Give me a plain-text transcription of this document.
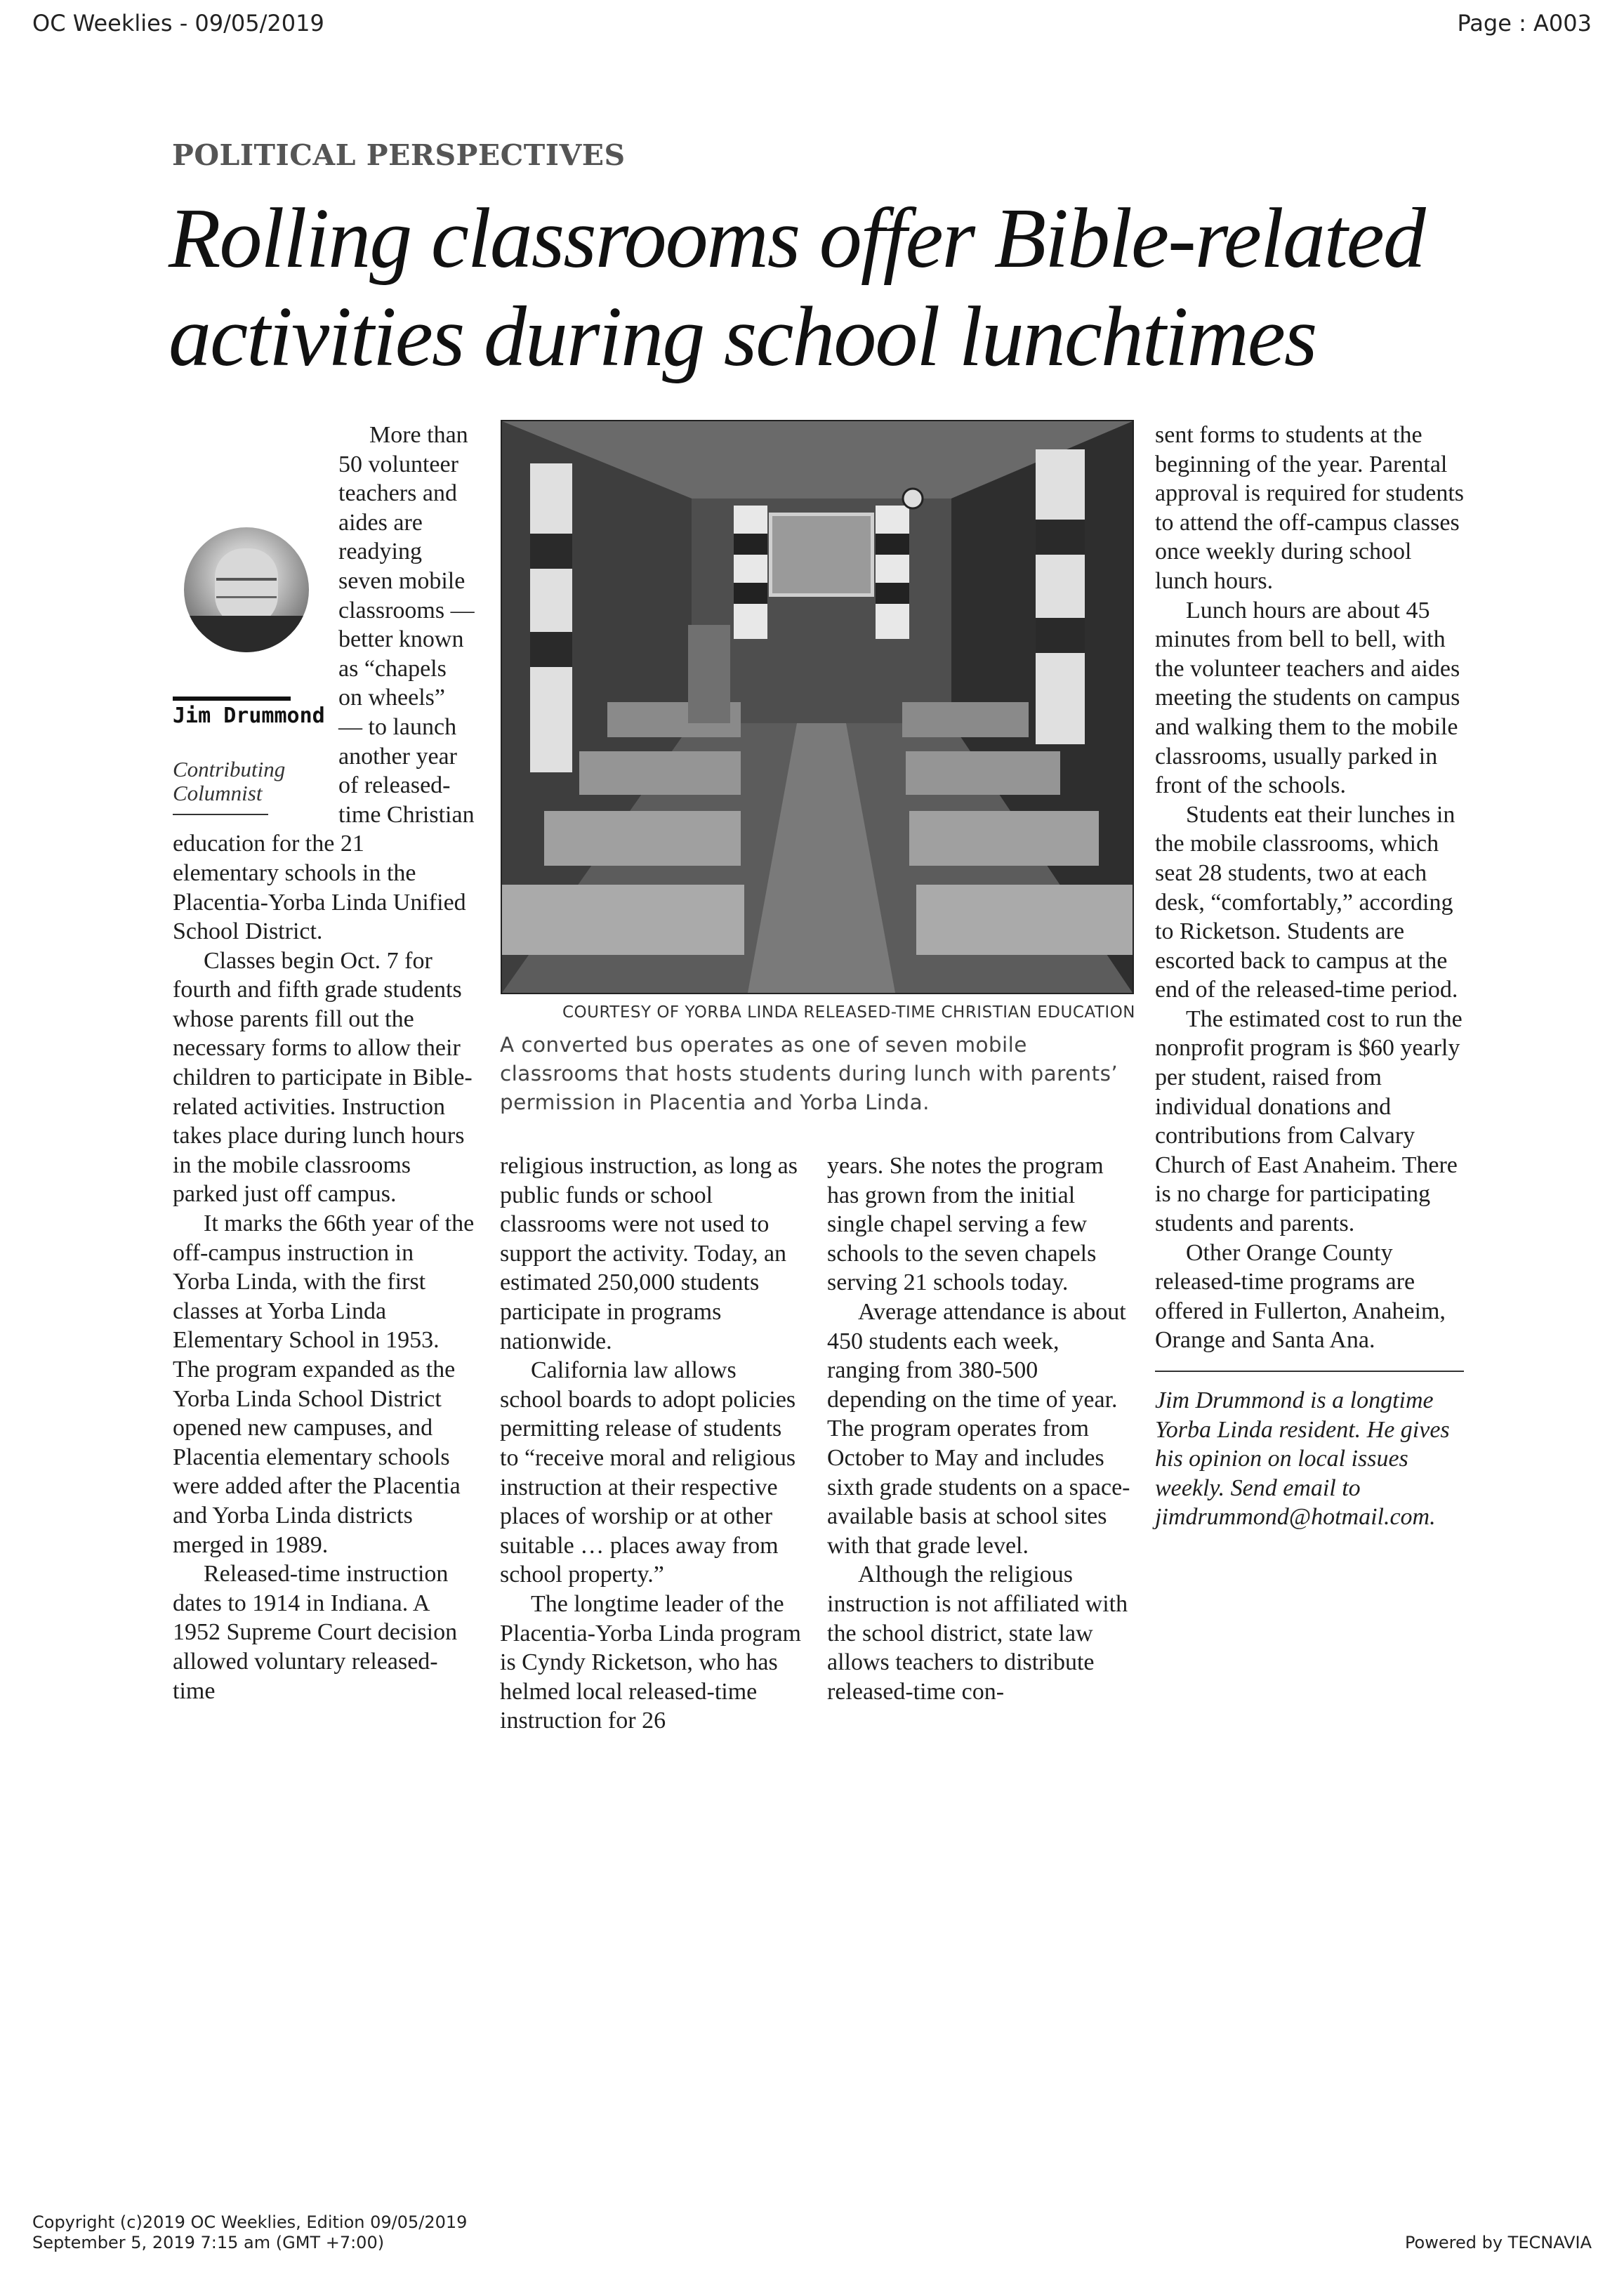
OC Weeklies - 09/05/2019	Page : A003
POLITICAL PERSPECTIVES
Rolling classrooms offer Bible-related activities during school lunchtimes
Jim Drummond
Contributing Columnist

More than 50 volunteer teachers and aides are readying seven mobile classrooms — better known as “chapels on wheels” — to launch another year of released-time Christian education for the 21 elementary schools in the Placentia-Yorba Linda Unified School District.

Classes begin Oct. 7 for fourth and fifth grade students whose parents fill out the necessary forms to allow their children to participate in Bible-related activities. Instruction takes place during lunch hours in the mobile classrooms parked just off campus.

It marks the 66th year of the off-campus instruction in Yorba Linda, with the first classes at Yorba Linda Elementary School in 1953. The program expanded as the Yorba Linda School District opened new campuses, and Placentia elementary schools were added after the Placentia and Yorba Linda districts merged in 1989.

Released-time instruction dates to 1914 in Indiana. A 1952 Supreme Court decision allowed voluntary released-time

COURTESY OF YORBA LINDA RELEASED-TIME CHRISTIAN EDUCATION
A converted bus operates as one of seven mobile classrooms that hosts students during lunch with parents’ permission in Placentia and Yorba Linda.

religious instruction, as long as public funds or school classrooms were not used to support the activity. Today, an estimated 250,000 students participate in programs nationwide.

California law allows school boards to adopt policies permitting release of students to “receive moral and religious instruction at their respective places of worship or at other suitable … places away from school property.”

The longtime leader of the Placentia-Yorba Linda program is Cyndy Ricketson, who has helmed local released-time instruction for 26

years. She notes the program has grown from the initial single chapel serving a few schools to the seven chapels serving 21 schools today.

Average attendance is about 450 students each week, ranging from 380-500 depending on the time of year. The program operates from October to May and includes sixth grade students on a space-available basis at school sites with that grade level.

Although the religious instruction is not affiliated with the school district, state law allows teachers to distribute released-time con-

sent forms to students at the beginning of the year. Parental approval is required for students to attend the off-campus classes once weekly during school lunch hours.

Lunch hours are about 45 minutes from bell to bell, with the volunteer teachers and aides meeting the students on campus and walking them to the mobile classrooms, usually parked in front of the schools.

Students eat their lunches in the mobile classrooms, which seat 28 students, two at each desk, “comfortably,” according to Ricketson. Students are escorted back to campus at the end of the released-time period.

The estimated cost to run the nonprofit program is $60 yearly per student, raised from individual donations and contributions from Calvary Church of East Anaheim. There is no charge for participating students and parents.

Other Orange County released-time programs are offered in Fullerton, Anaheim, Orange and Santa Ana.

Jim Drummond is a longtime Yorba Linda resident. He gives his opinion on local issues weekly. Send email to jimdrummond@hotmail.com.

Copyright (c)2019 OC Weeklies, Edition 09/05/2019
September 5, 2019 7:15 am (GMT +7:00)	Powered by TECNAVIA
